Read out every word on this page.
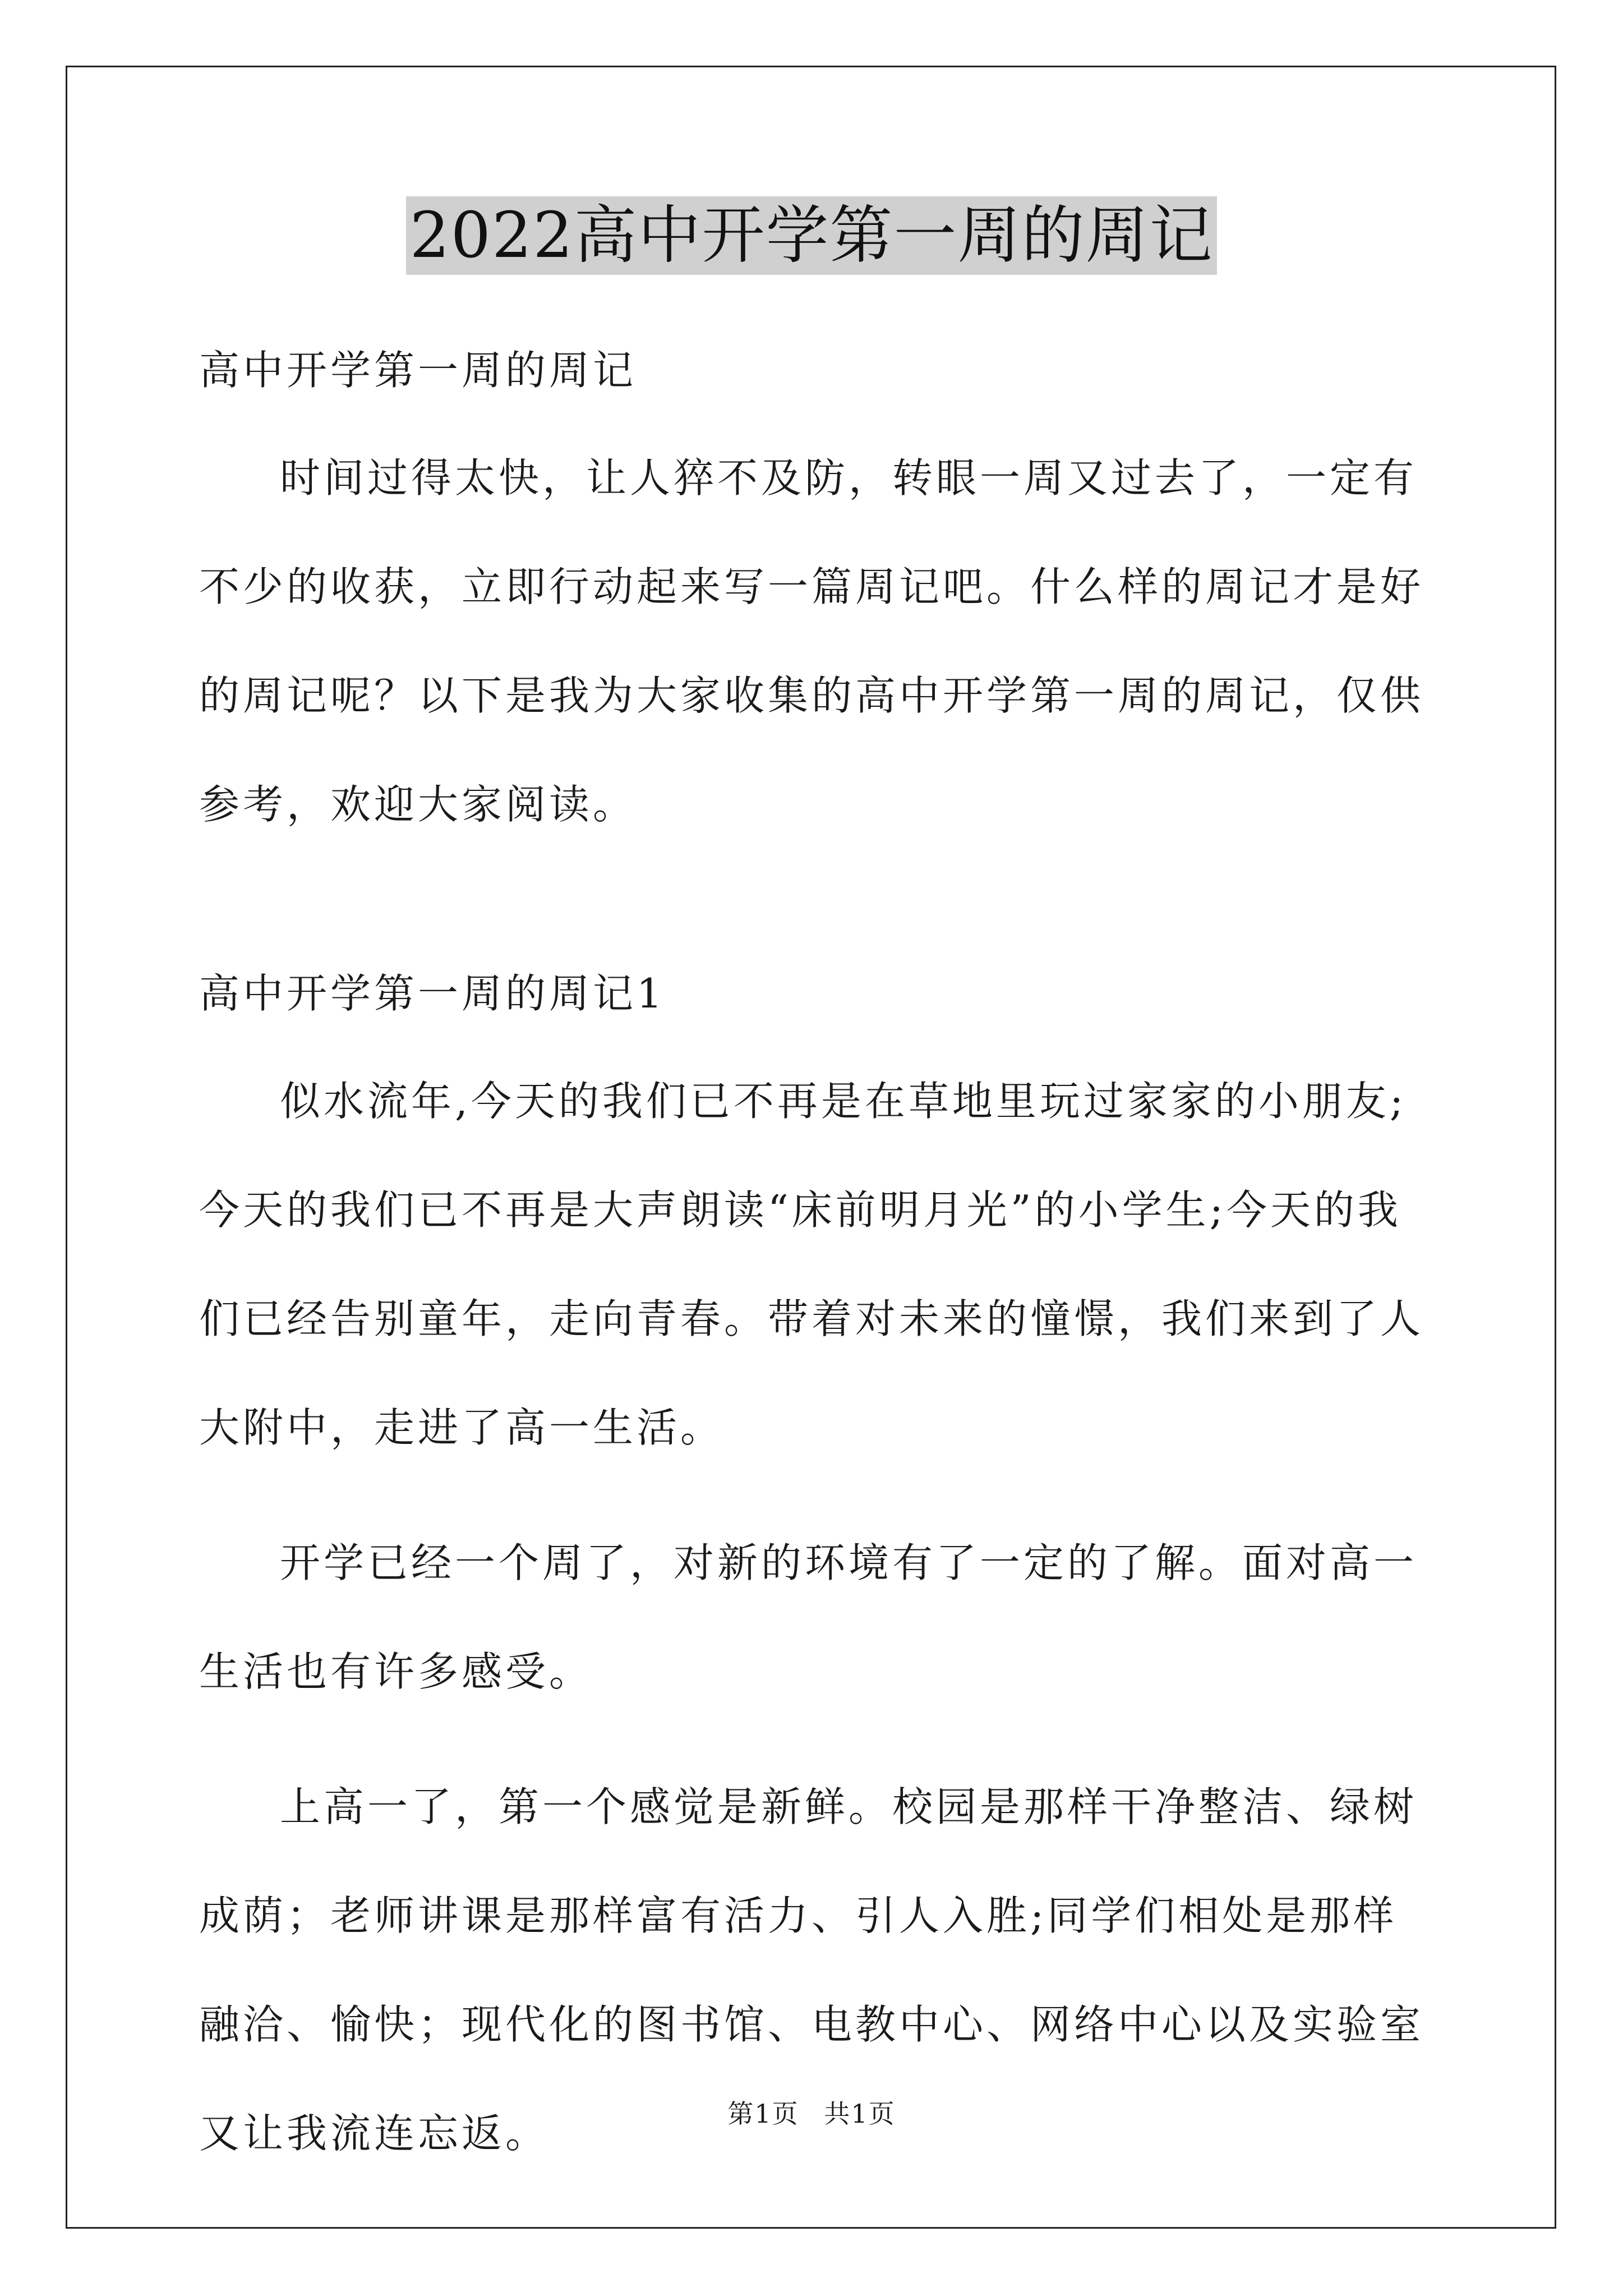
2022高中开学第一周的周记
高中开学第一周的周记
时间过得太快，让人猝不及防，转眼一周又过去了，一定有不少的收获，立即行动起来写一篇周记吧。什么样的周记才是好的周记呢？以下是我为大家收集的高中开学第一周的周记，仅供参考，欢迎大家阅读。
高中开学第一周的周记1
似水流年,今天的我们已不再是在草地里玩过家家的小朋友;今天的我们已不再是大声朗读“床前明月光”的小学生;今天的我们已经告别童年，走向青春。带着对未来的憧憬，我们来到了人大附中，走进了高一生活。
开学已经一个周了，对新的环境有了一定的了解。面对高一生活也有许多感受。
上高一了，第一个感觉是新鲜。校园是那样干净整洁、绿树成荫；老师讲课是那样富有活力、引人入胜;同学们相处是那样融洽、愉快；现代化的图书馆、电教中心、网络中心以及实验室又让我流连忘返。	第1页 共1页
